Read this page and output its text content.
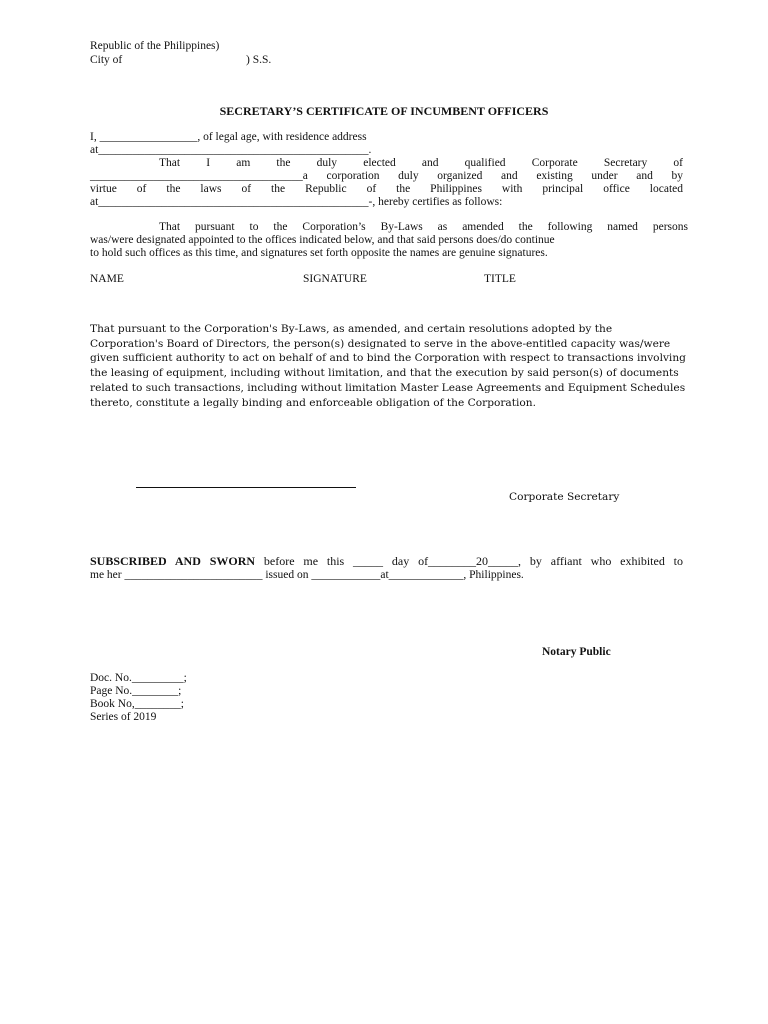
Republic of the Philippines)
City of	) S.S.
SECRETARY’S CERTIFICATE OF INCUMBENT OFFICERS
I, _________________, of legal age, with residence address
at_______________________________________________.
That I am the duly elected and qualified Corporate Secretary of
_____________________________________a corporation duly organized and existing under and by
virtue of the laws of the Republic of the Philippines with principal office located
at_______________________________________________-, hereby certifies as follows:
That pursuant to the Corporation’s By-Laws as amended the following named persons
was/were designated appointed to the offices indicated below, and that said persons does/do continue
to hold such offices as this time, and signatures set forth opposite the names are genuine signatures.
NAME	SIGNATURE	TITLE
That pursuant to the Corporation's By-Laws, as amended, and certain resolutions adopted by the Corporation's Board of Directors, the person(s) designated to serve in the above-entitled capacity was/were given sufficient authority to act on behalf of and to bind the Corporation with respect to transactions involving the leasing of equipment, including without limitation, and that the execution by said person(s) of documents related to such transactions, including without limitation Master Lease Agreements and Equipment Schedules thereto, constitute a legally binding and enforceable obligation of the Corporation.
Corporate Secretary
SUBSCRIBED AND SWORN before me this _____ day of________20_____, by affiant who exhibited to
me her ________________________ issued on ____________at_____________, Philippines.
Notary Public
Doc. No._________;
Page No.________;
Book No,________;
Series of 2019
